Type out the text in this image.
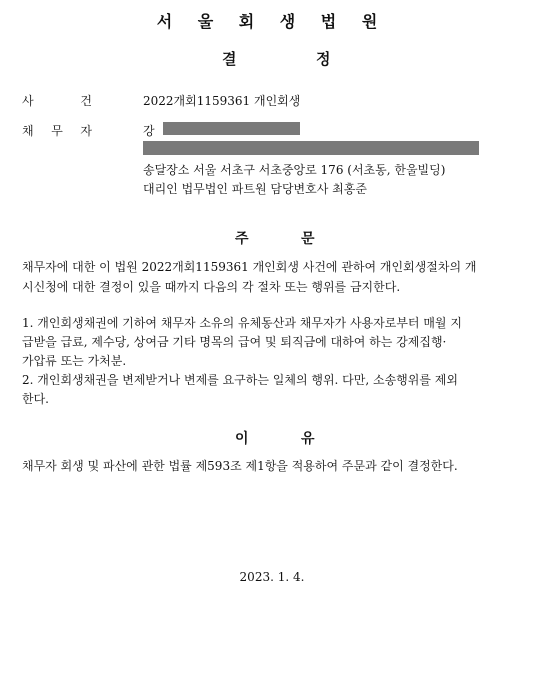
서 울 회 생 법 원
결	정
사	건	2022개회1159361 개인회생
채 무 자	강
송달장소 서울 서초구 서초중앙로 176 (서초동, 한울빌딩)
대리인 법무법인 파트원 담당변호사 최홍준
주	문
채무자에 대한 이 법원 2022개회1159361 개인회생 사건에 관하여 개인회생절차의 개
시신청에 대한 결정이 있을 때까지 다음의 각 절차 또는 행위를 금지한다.
1. 개인회생채권에 기하여 채무자 소유의 유체동산과 채무자가 사용자로부터 매월 지
급받을 급료, 제수당, 상여금 기타 명목의 급여 및 퇴직금에 대하여 하는 강제집행·
가압류 또는 가처분.
2. 개인회생채권을 변제받거나 변제를 요구하는 일체의 행위. 다만, 소송행위를 제외
한다.
이	유
채무자 회생 및 파산에 관한 법률 제593조 제1항을 적용하여 주문과 같이 결정한다.
2023. 1. 4.
